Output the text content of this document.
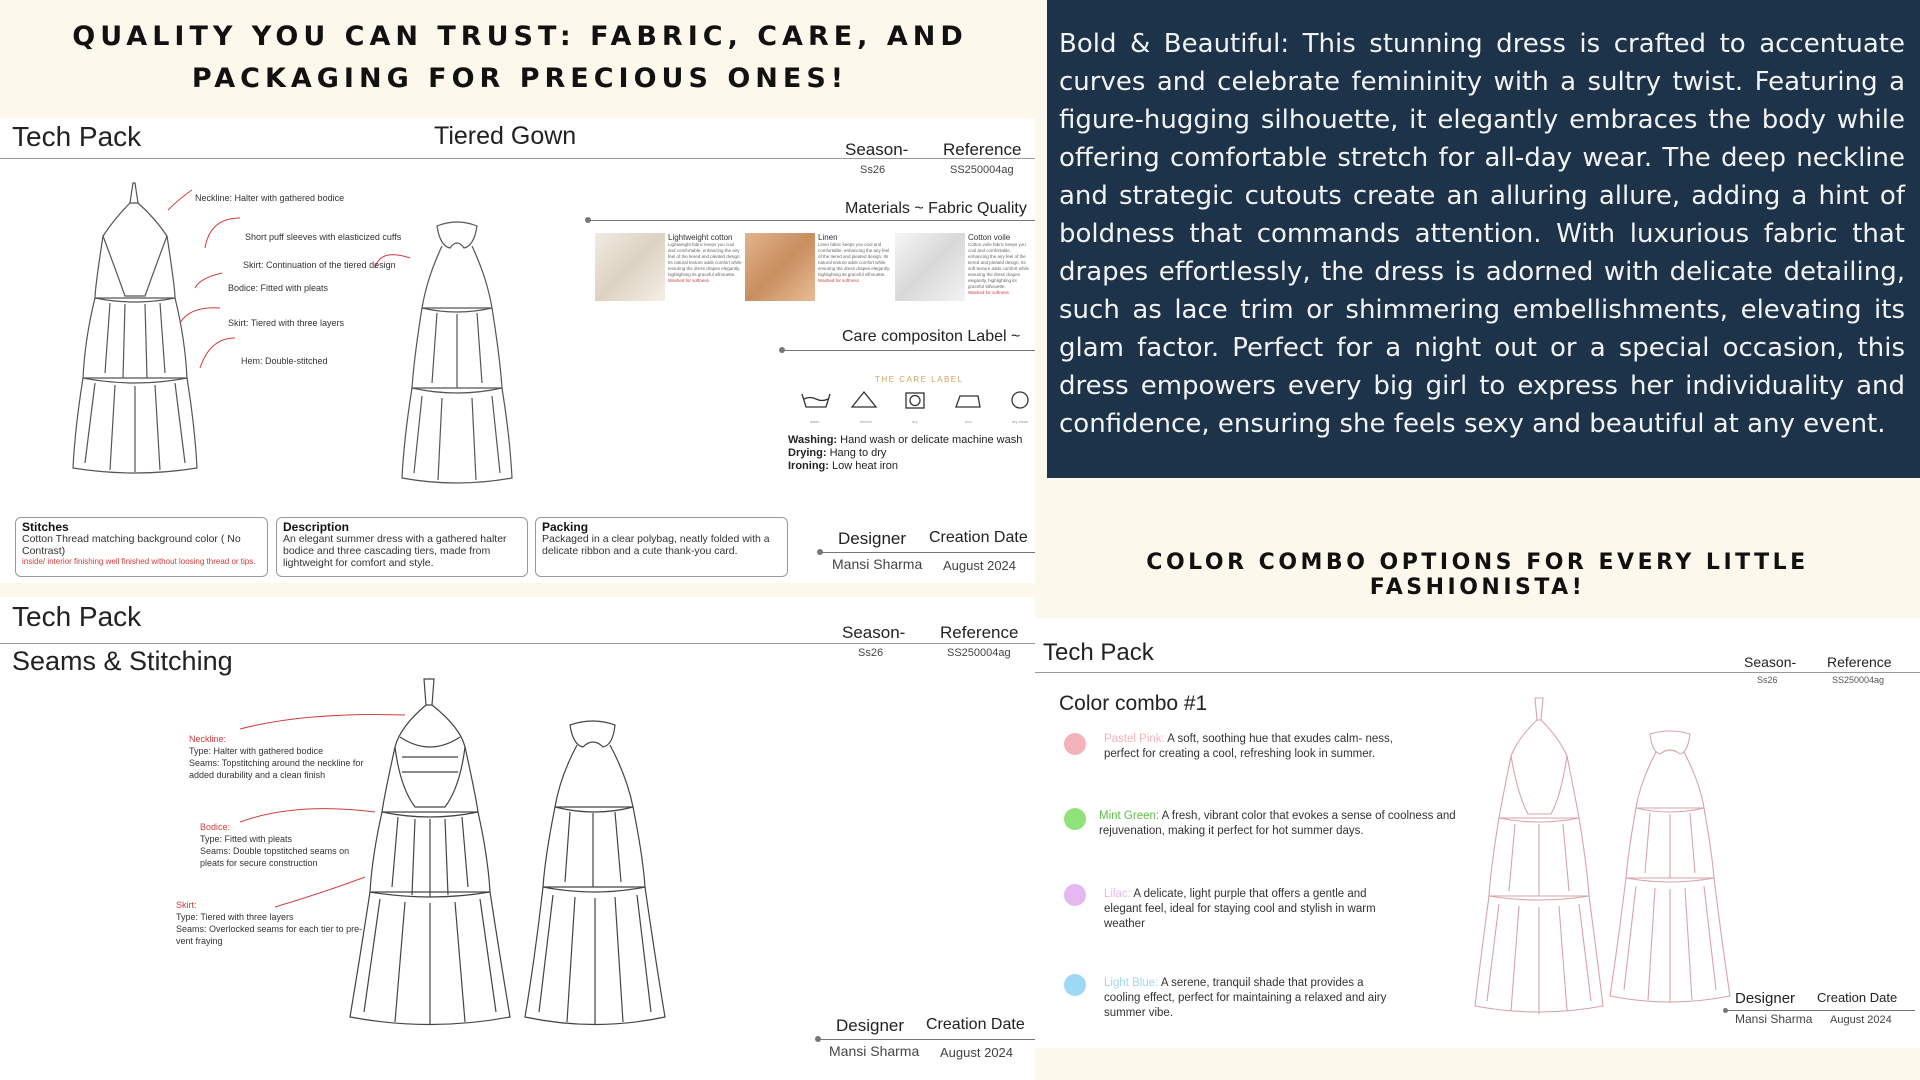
QUALITY YOU CAN TRUST: FABRIC, CARE, AND PACKAGING FOR PRECIOUS ONES!
Tech Pack	Tiered Gown	Season-
Ss26
Reference
SS250004ag
Neckline: Halter with gathered bodice
Short puff sleeves with elasticized cuffs
Skirt: Continuation of the tiered design
Bodice: Fitted with pleats
Skirt: Tiered with three layers
Hem: Double-stitched
Materials ~ Fabric Quality
Lightweight cotton
Lightweight fabric keeps you cool and comfortable, enhancing the airy feel of the tiered and pleated design. Its natural texture adds comfort while ensuring the dress drapes elegantly, highlighting its graceful silhouette.
Washed for softness
Linen
Linen fabric keeps you cool and comfortable, enhancing the airy feel of the tiered and pleated design. Its natural texture adds comfort while ensuring the dress drapes elegantly, highlighting its graceful silhouette.
Washed for softness
Cotton voile
Cotton voile fabric keeps you cool and comfortable, enhancing the airy feel of the tiered and pleated design. Its soft texture adds comfort while ensuring the dress drapes elegantly, highlighting its graceful silhouette.
Washed for softness
Care compositon Label ~
THE CARE LABEL
wash	bleach	dry	iron	dry clean
Washing: Hand wash or delicate machine wash
Drying: Hang to dry
Ironing: Low heat iron
Stitches
Cotton Thread matching background color ( No Contrast)
inside/ interior finishing well finished without loosing thread or tips.
Description
An elegant summer dress with a gathered halter bodice and three cascading tiers, made from lightweight for comfort and style.
Packing
Packaged in a clear polybag, neatly folded with a delicate ribbon and a cute thank-you card.
Designer Creation Date
Mansi Sharma August 2024
Bold & Beautiful: This stunning dress is crafted to accentuate curves and celebrate femininity with a sultry twist. Featuring a figure-hugging silhouette, it elegantly embraces the body while offering comfortable stretch for all-day wear. The deep neckline and strategic cutouts create an alluring allure, adding a hint of boldness that commands attention. With luxurious fabric that drapes effortlessly, the dress is adorned with delicate detailing, such as lace trim or shimmering embellishments, elevating its glam factor. Perfect for a night out or a special occasion, this dress empowers every big girl to express her individuality and confidence, ensuring she feels sexy and beautiful at any event.
COLOR COMBO OPTIONS FOR EVERY LITTLE FASHIONISTA!
Tech Pack
Seams & Stitching
Season-
Ss26
Reference
SS250004ag
Neckline:
Type: Halter with gathered bodice
Seams: Topstitching around the neckline for
added durability and a clean finish
Bodice:
Type: Fitted with pleats
Seams: Double topstitched seams on
pleats for secure construction
Skirt:
Type: Tiered with three layers
Seams: Overlocked seams for each tier to pre-
vent fraying
Designer Creation Date
Mansi Sharma August 2024
Tech Pack	Season-
Ss26
Reference
SS250004ag
Color combo #1
Pastel Pink: A soft, soothing hue that exudes calm- ness, perfect for creating a cool, refreshing look in summer.
Mint Green: A fresh, vibrant color that evokes a sense of coolness and rejuvenation, making it perfect for hot summer days.
Lilac: A delicate, light purple that offers a gentle and elegant feel, ideal for staying cool and stylish in warm weather
Light Blue: A serene, tranquil shade that provides a cooling effect, perfect for maintaining a relaxed and airy summer vibe.
Designer Creation Date
Mansi Sharma August 2024
